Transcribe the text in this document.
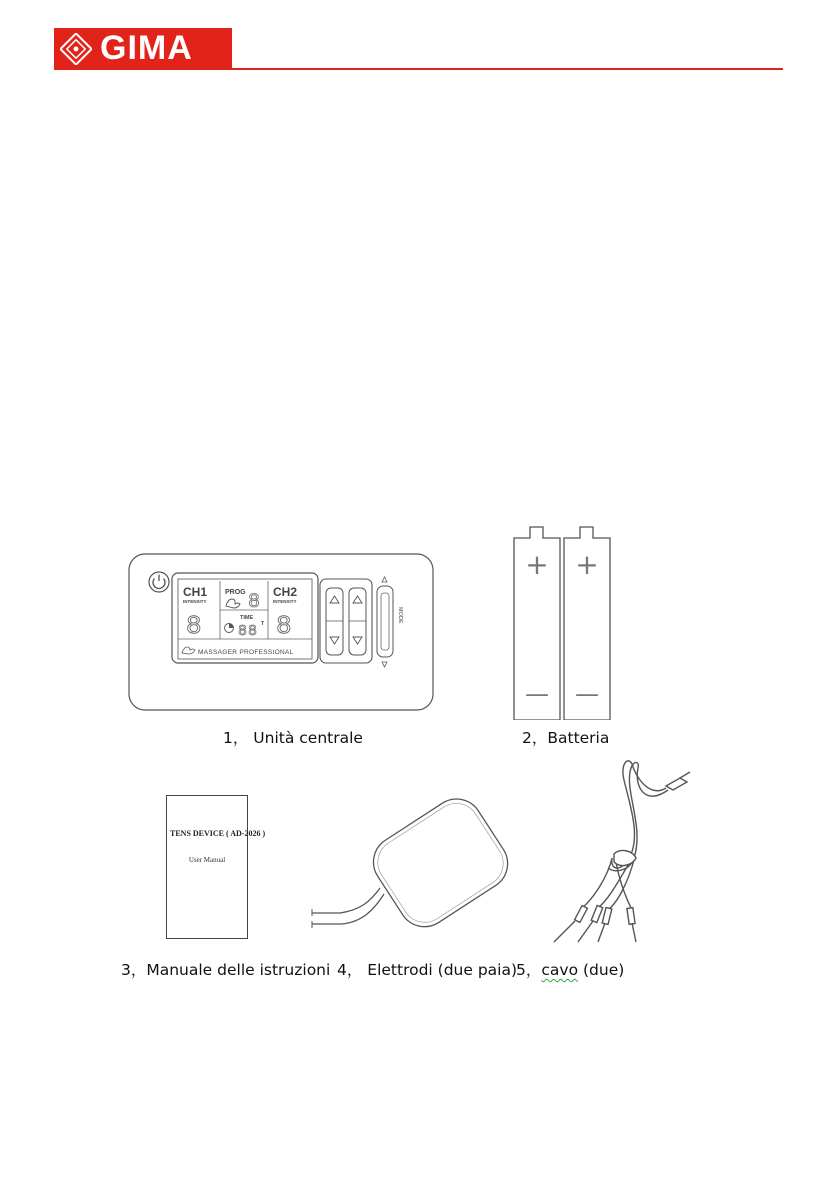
GIMA
CH1
INTENSITY
8
PROG 8 CH2
INTENSITY
8
TIME
8 8 T
MASSAGER PROFESSIONAL
MODE
1， Unità centrale
+ +
— —
2，Batteria
TENS DEVICE ( AD-2026 )
User Manual
3，Manuale delle istruzioni 4， Elettrodi (due paia)
5，cavo (due)
